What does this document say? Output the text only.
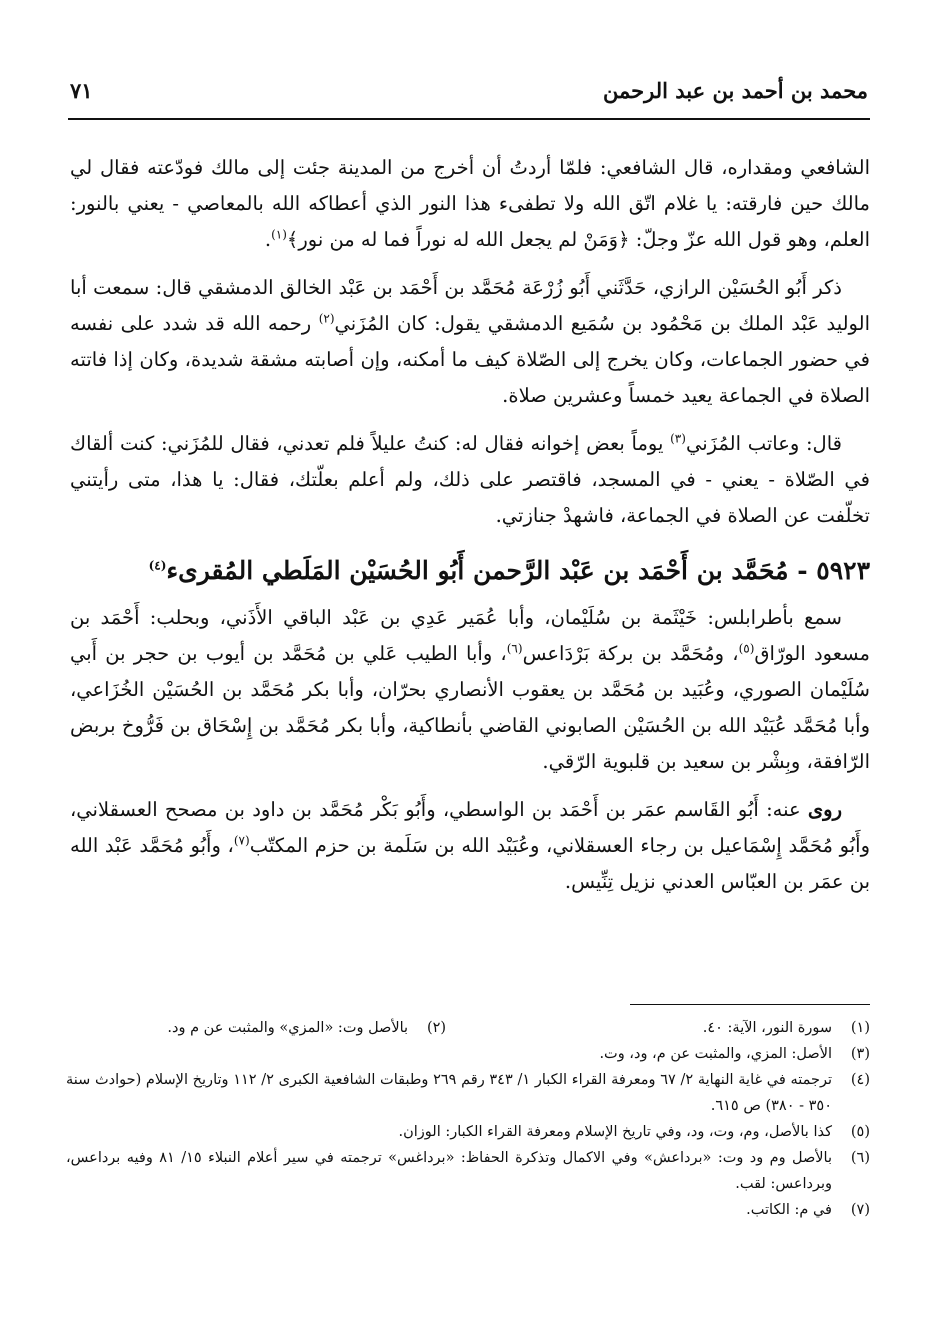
محمد بن أحمد بن عبد الرحمن
٧١

الشافعي ومقداره، قال الشافعي: فلمّا أردتُ أن أخرج من المدينة جئت إلى مالك فودّعته فقال لي مالك حين فارقته: يا غلام اتّق الله ولا تطفىء هذا النور الذي أعطاكه الله بالمعاصي - يعني بالنور: العلم، وهو قول الله عزّ وجلّ: ﴿وَمَنْ لم يجعل الله له نوراً فما له من نور﴾$^{(١)}$.

ذكر أَبُو الحُسَيْن الرازي، حَدَّثَني أَبُو زُرْعَة مُحَمَّد بن أَحْمَد بن عَبْد الخالق الدمشقي قال: سمعت أبا الوليد عَبْد الملك بن مَحْمُود بن سُمَيع الدمشقي يقول: كان المُزَني$^{(٢)}$ رحمه الله قد شدد على نفسه في حضور الجماعات، وكان يخرج إلى الصّلاة كيف ما أمكنه، وإن أصابته مشقة شديدة، وكان إذا فاتته الصلاة في الجماعة يعيد خمساً وعشرين صلاة.

قال: وعاتب المُزَني$^{(٣)}$ يوماً بعض إخوانه فقال له: كنتُ عليلاً فلم تعدني، فقال للمُزَني: كنت ألقاك في الصّلاة - يعني - في المسجد، فاقتصر على ذلك، ولم أعلم بعلّتك، فقال: يا هذا، متى رأيتني تخلّفت عن الصلاة في الجماعة، فاشهدْ جنازتي.

٥٩٢٣ - مُحَمَّد بن أَحْمَد بن عَبْد الرَّحمن أَبُو الحُسَيْن المَلَطي المُقرىء$^{(٤)}$

سمع بأطرابلس: خَيْثَمة بن سُلَيْمان، وأبا عُمَير عَدِي بن عَبْد الباقي الأَذَني، وبحلب: أَحْمَد بن مسعود الورّاق$^{(٥)}$، ومُحَمَّد بن بركة بَرْدَاعس$^{(٦)}$، وأبا الطيب عَلي بن مُحَمَّد بن أيوب بن حجر بن أَبي سُلَيْمان الصوري، وعُبَيد بن مُحَمَّد بن يعقوب الأنصاري بحرّان، وأبا بكر مُحَمَّد بن الحُسَيْن الخُزَاعي، وأبا مُحَمَّد عُبَيْد الله بن الحُسَيْن الصابوني القاضي بأنطاكية، وأبا بكر مُحَمَّد بن إِسْحَاق بن فَرُّوخ بربض الرّافقة، وبِشْر بن سعيد بن قلبوية الرّقي.

روى عنه: أَبُو القَاسم عمَر بن أَحْمَد بن الواسطي، وأَبُو بَكْر مُحَمَّد بن داود بن مصحح العسقلاني، وأَبُو مُحَمَّد إِسْمَاعيل بن رجاء العسقلاني، وعُبَيْد الله بن سَلَمة بن حزم المكتّب$^{(٧)}$، وأَبُو مُحَمَّد عَبْد الله بن عمَر بن العبّاس العدني نزيل تِنِّيس.

(١)
سورة النور، الآية: ٤٠.

(٢)
بالأصل وت: «المزي» والمثبت عن م ود.

(٣)
الأصل: المزي، والمثبت عن م، ود، وت.

(٤)
ترجمته في غاية النهاية ٢/ ٦٧ ومعرفة القراء الكبار ١/ ٣٤٣ رقم ٢٦٩ وطبقات الشافعية الكبرى ٢/ ١١٢ وتاريخ الإسلام (حوادث سنة ٣٥٠ - ٣٨٠) ص ٦١٥.

(٥)
كذا بالأصل، وم، وت، ود، وفي تاريخ الإسلام ومعرفة القراء الكبار: الوزان.

(٦)
بالأصل وم ود وت: «برداعش» وفي الاكمال وتذكرة الحفاظ: «برداغس» ترجمته في سير أعلام النبلاء ١٥/ ٨١ وفيه برداعس، وبرداعس: لقب.

(٧)
في م: الكاتب.
